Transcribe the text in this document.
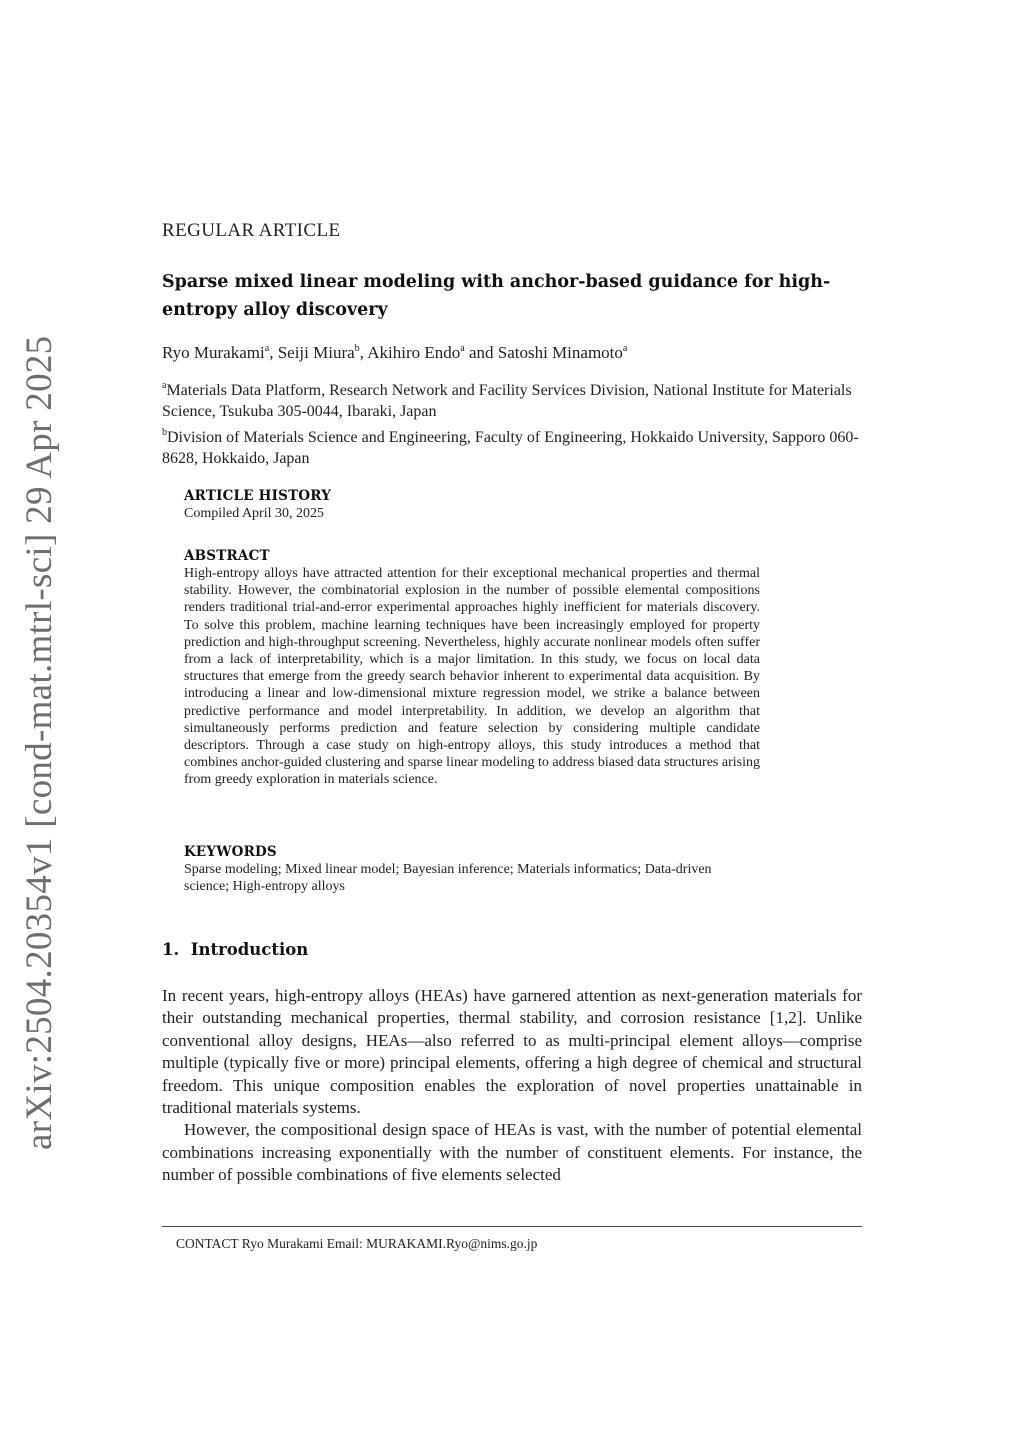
arXiv:2504.20354v1 [cond-mat.mtrl-sci] 29 Apr 2025
REGULAR ARTICLE
Sparse mixed linear modeling with anchor-based guidance for high-entropy alloy discovery
Ryo Murakami$^a$, Seiji Miura$^b$, Akihiro Endo$^a$ and Satoshi Minamoto$^a$

$^a$Materials Data Platform, Research Network and Facility Services Division, National Institute for Materials Science, Tsukuba 305-0044, Ibaraki, Japan

$^b$Division of Materials Science and Engineering, Faculty of Engineering, Hokkaido University, Sapporo 060-8628, Hokkaido, Japan

ARTICLE HISTORY

Compiled April 30, 2025

ABSTRACT

High-entropy alloys have attracted attention for their exceptional mechanical properties and thermal stability. However, the combinatorial explosion in the number of possible elemental compositions renders traditional trial-and-error experimental approaches highly inefficient for materials discovery. To solve this problem, machine learning techniques have been increasingly employed for property prediction and high-throughput screening. Nevertheless, highly accurate nonlinear models often suffer from a lack of interpretability, which is a major limitation. In this study, we focus on local data structures that emerge from the greedy search behavior inherent to experimental data acquisition. By introducing a linear and low-dimensional mixture regression model, we strike a balance between predictive performance and model interpretability. In addition, we develop an algorithm that simultaneously performs prediction and feature selection by considering multiple candidate descriptors. Through a case study on high-entropy alloys, this study introduces a method that combines anchor-guided clustering and sparse linear modeling to address biased data structures arising from greedy exploration in materials science.

KEYWORDS

Sparse modeling; Mixed linear model; Bayesian inference; Materials informatics; Data-driven science; High-entropy alloys

1. Introduction

In recent years, high-entropy alloys (HEAs) have garnered attention as next-generation materials for their outstanding mechanical properties, thermal stability, and corrosion resistance [1,2]. Unlike conventional alloy designs, HEAs—also referred to as multi-principal element alloys—comprise multiple (typically five or more) principal elements, offering a high degree of chemical and structural freedom. This unique composition enables the exploration of novel properties unattainable in traditional materials systems.

However, the compositional design space of HEAs is vast, with the number of potential elemental combinations increasing exponentially with the number of constituent elements. For instance, the number of possible combinations of five elements selected

CONTACT Ryo Murakami Email: MURAKAMI.Ryo@nims.go.jp
